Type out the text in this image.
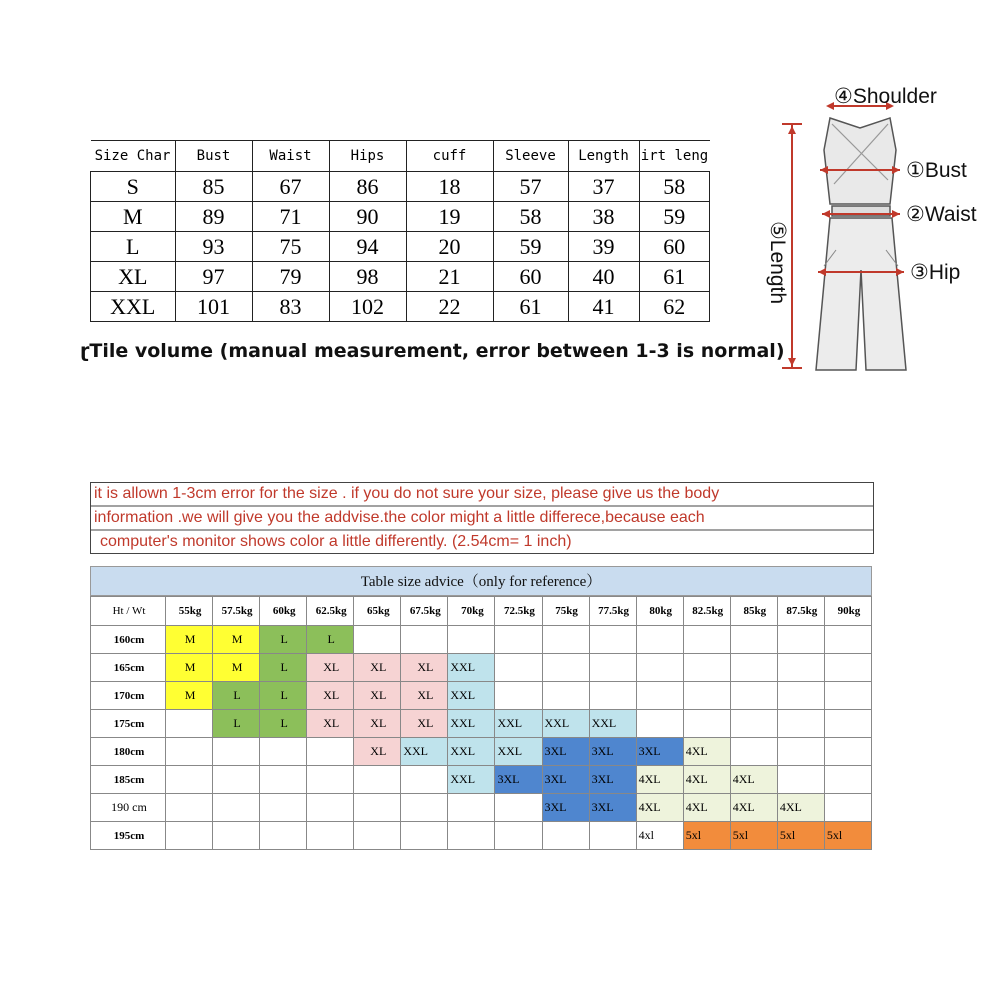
Size Char	Bust	Waist	Hips	cuff	Sleeve	Length	irt leng
S	85	67	86	18	57	37	58
M	89	71	90	19	58	38	59
L	93	75	94	20	59	39	60
XL	97	79	98	21	60	40	61
XXL	101	83	102	22	61	41	62
ɽTile volume (manual measurement, error between 1-3 is normal)
④Shoulder
①Bust
②Waist
③Hip
⑤Length
it is allown 1-3cm error for the size . if you do not sure your size, please give us the body
information .we will give you the addvise.the color might a little differece,because each
computer's monitor shows color a little differently. (2.54cm= 1 inch)
Table size advice（only for reference）
Ht / Wt	55kg	57.5kg	60kg	62.5kg	65kg	67.5kg	70kg	72.5kg	75kg	77.5kg	80kg	82.5kg	85kg	87.5kg	90kg
160cm	M	M	L	L											
165cm	M	M	L	XL	XL	XL	XXL								
170cm	M	L	L	XL	XL	XL	XXL								
175cm		L	L	XL	XL	XL	XXL	XXL	XXL	XXL					
180cm					XL	XXL	XXL	XXL	3XL	3XL	3XL	4XL			
185cm							XXL	3XL	3XL	3XL	4XL	4XL	4XL		
190 cm									3XL	3XL	4XL	4XL	4XL	4XL	
195cm											4xl	5xl	5xl	5xl	5xl
